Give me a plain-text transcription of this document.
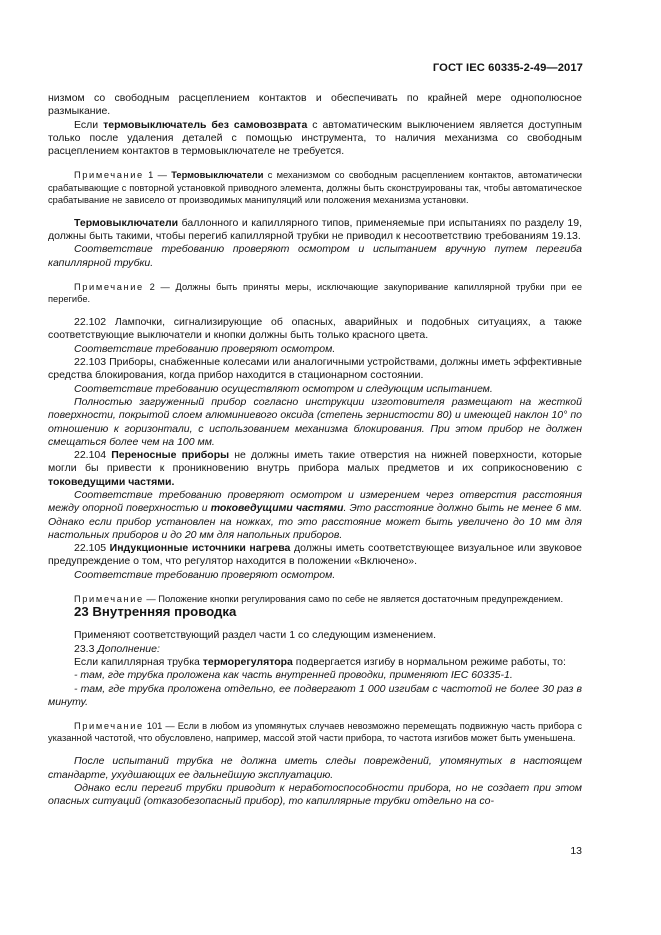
ГОСТ IEC 60335-2-49—2017

низмом со свободным расцеплением контактов и обеспечивать по крайней мере однополюсное размыкание.

Если термовыключатель без самовозврата с автоматическим выключением является доступным только после удаления деталей с помощью инструмента, то наличия механизма со свободным расцеплением контактов в термовыключателе не требуется.

Примечание 1 — Термовыключатели с механизмом со свободным расцеплением контактов, автоматически срабатывающие с повторной установкой приводного элемента, должны быть сконструированы так, чтобы автоматическое срабатывание не зависело от производимых манипуляций или положения механизма установки.

Термовыключатели баллонного и капиллярного типов, применяемые при испытаниях по разделу 19, должны быть такими, чтобы перегиб капиллярной трубки не приводил к несоответствию требованиям 19.13.

Соответствие требованию проверяют осмотром и испытанием вручную путем перегиба капиллярной трубки.

Примечание 2 — Должны быть приняты меры, исключающие закупоривание капиллярной трубки при ее перегибе.

22.102 Лампочки, сигнализирующие об опасных, аварийных и подобных ситуациях, а также соответствующие выключатели и кнопки должны быть только красного цвета.

Соответствие требованию проверяют осмотром.

22.103 Приборы, снабженные колесами или аналогичными устройствами, должны иметь эффективные средства блокирования, когда прибор находится в стационарном состоянии.

Соответствие требованию осуществляют осмотром и следующим испытанием.

Полностью загруженный прибор согласно инструкции изготовителя размещают на жесткой поверхности, покрытой слоем алюминиевого оксида (степень зернистости 80) и имеющей наклон 10° по отношению к горизонтали, с использованием механизма блокирования. При этом прибор не должен смещаться более чем на 100 мм.

22.104 Переносные приборы не должны иметь такие отверстия на нижней поверхности, которые могли бы привести к проникновению внутрь прибора малых предметов и их соприкосновению с токоведущими частями.

Соответствие требованию проверяют осмотром и измерением через отверстия расстояния между опорной поверхностью и токоведущими частями. Это расстояние должно быть не менее 6 мм. Однако если прибор установлен на ножках, то это расстояние может быть увеличено до 10 мм для настольных приборов и до 20 мм для напольных приборов.

22.105 Индукционные источники нагрева должны иметь соответствующее визуальное или звуковое предупреждение о том, что регулятор находится в положении «Включено».

Соответствие требованию проверяют осмотром.

Примечание — Положение кнопки регулирования само по себе не является достаточным предупреждением.

23 Внутренняя проводка

Применяют соответствующий раздел части 1 со следующим изменением.

23.3 Дополнение:

Если капиллярная трубка терморегулятора подвергается изгибу в нормальном режиме работы, то:

- там, где трубка проложена как часть внутренней проводки, применяют IEC 60335-1.

- там, где трубка проложена отдельно, ее подвергают 1 000 изгибам с частотой не более 30 раз в минуту.

Примечание 101 — Если в любом из упомянутых случаев невозможно перемещать подвижную часть прибора с указанной частотой, что обусловлено, например, массой этой части прибора, то частота изгибов может быть уменьшена.

После испытаний трубка не должна иметь следы повреждений, упомянутых в настоящем стандарте, ухудшающих ее дальнейшую эксплуатацию.

Однако если перегиб трубки приводит к неработоспособности прибора, но не создает при этом опасных ситуаций (отказобезопасный прибор), то капиллярные трубки отдельно на со-

13
